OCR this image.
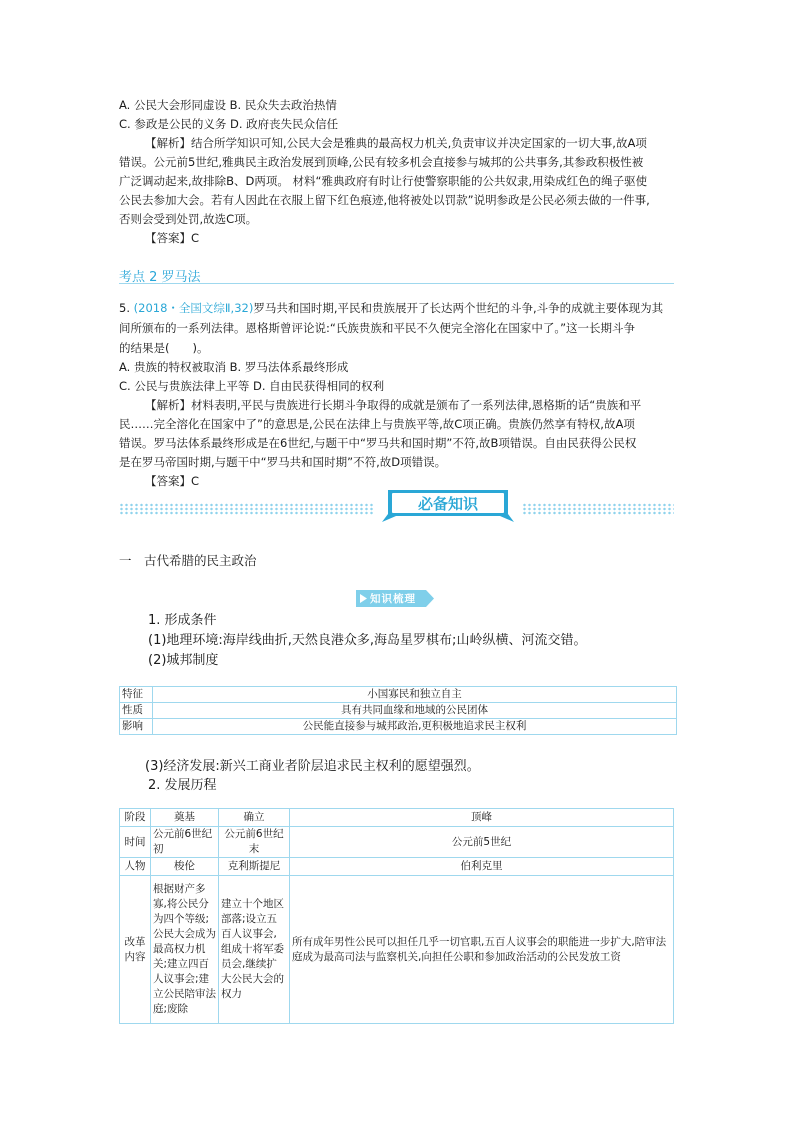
A. 公民大会形同虚设 B. 民众失去政治热情
C. 参政是公民的义务 D. 政府丧失民众信任
【解析】结合所学知识可知,公民大会是雅典的最高权力机关,负责审议并决定国家的一切大事,故A项
错误。公元前5世纪,雅典民主政治发展到顶峰,公民有较多机会直接参与城邦的公共事务,其参政积极性被
广泛调动起来,故排除B、D两项。 材料“雅典政府有时让行使警察职能的公共奴隶,用染成红色的绳子驱使
公民去参加大会。若有人因此在衣服上留下红色痕迹,他将被处以罚款”说明参政是公民必须去做的一件事,
否则会受到处罚,故选C项。
【答案】C
考点 2 罗马法
5. (2018・全国文综Ⅱ,32)罗马共和国时期,平民和贵族展开了长达两个世纪的斗争,斗争的成就主要体现为其
间所颁布的一系列法律。恩格斯曾评论说:“氏族贵族和平民不久便完全溶化在国家中了。”这一长期斗争
的结果是(　　)。
A. 贵族的特权被取消 B. 罗马法体系最终形成
C. 公民与贵族法律上平等 D. 自由民获得相同的权利
【解析】材料表明,平民与贵族进行长期斗争取得的成就是颁布了一系列法律,恩格斯的话“贵族和平
民……完全溶化在国家中了”的意思是,公民在法律上与贵族平等,故C项正确。贵族仍然享有特权,故A项
错误。罗马法体系最终形成是在6世纪,与题干中“罗马共和国时期”不符,故B项错误。自由民获得公民权
是在罗马帝国时期,与题干中“罗马共和国时期”不符,故D项错误。
【答案】C
必备知识
一　古代希腊的民主政治
知识梳理
1. 形成条件
(1)地理环境:海岸线曲折,天然良港众多,海岛星罗棋布;山岭纵横、河流交错。
(2)城邦制度
特征	小国寡民和独立自主
性质	具有共同血缘和地域的公民团体
影响	公民能直接参与城邦政治,更积极地追求民主权利
(3)经济发展:新兴工商业者阶层追求民主权利的愿望强烈。
2. 发展历程
阶段	奠基	确立	顶峰
时间	公元前6世纪初	公元前6世纪末	公元前5世纪
人物	梭伦	克利斯提尼	伯利克里
改革内容	根据财产多寡,将公民分为四个等级;公民大会成为最高权力机关;建立四百人议事会;建立公民陪审法庭;废除	建立十个地区部落;设立五百人议事会,组成十将军委员会,继续扩大公民大会的权力	所有成年男性公民可以担任几乎一切官职,五百人议事会的职能进一步扩大,陪审法庭成为最高司法与监察机关,向担任公职和参加政治活动的公民发放工资
